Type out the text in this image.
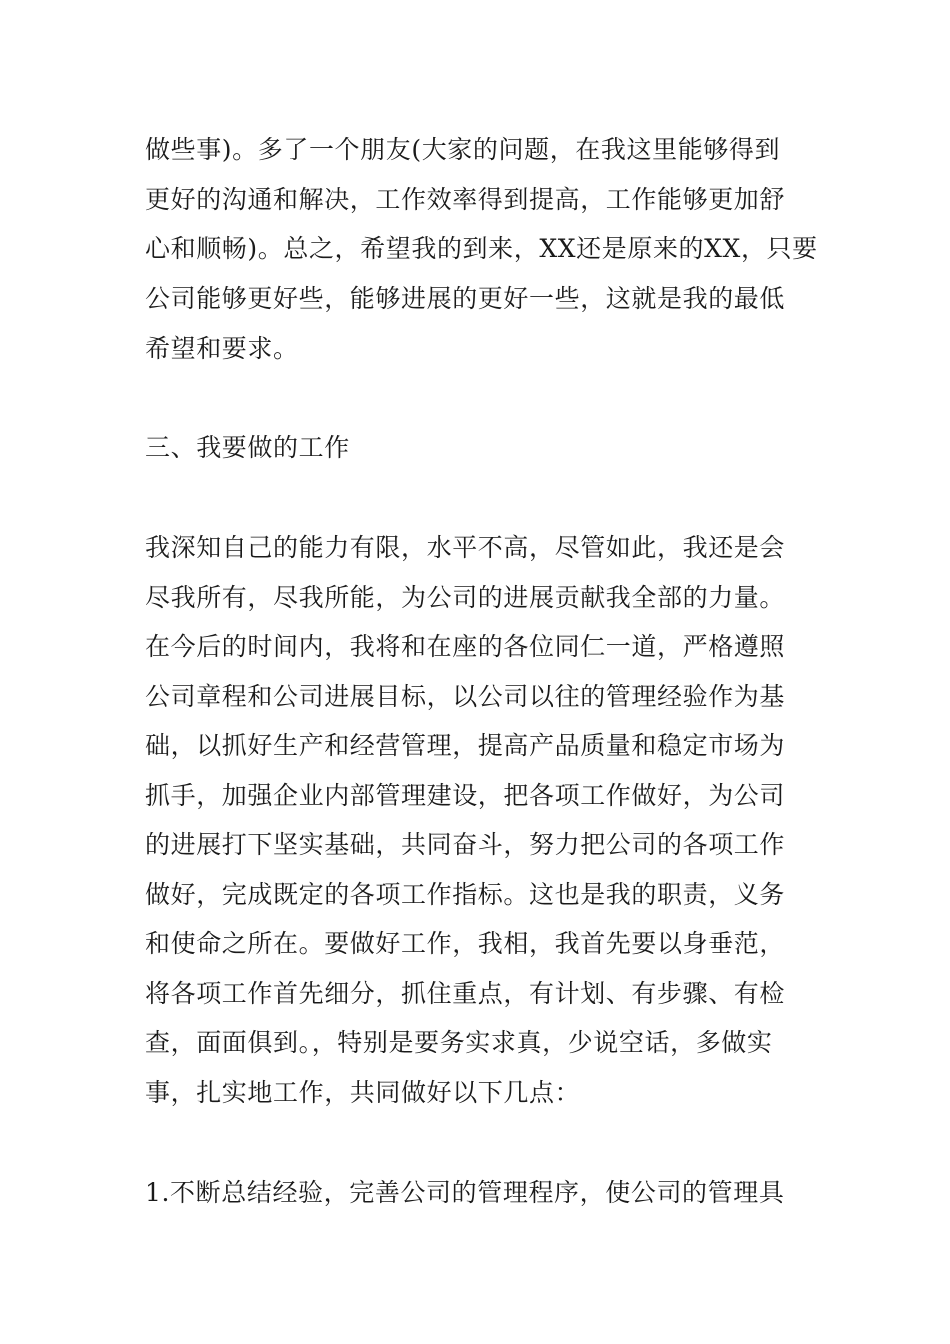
做些事)。多了一个朋友(大家的问题，在我这里能够得到
更好的沟通和解决，工作效率得到提高，工作能够更加舒
心和顺畅)。总之，希望我的到来，XX还是原来的XX，只要
公司能够更好些，能够进展的更好一些，这就是我的最低
希望和要求。
三、我要做的工作
我深知自己的能力有限，水平不高，尽管如此，我还是会
尽我所有，尽我所能，为公司的进展贡献我全部的力量。
在今后的时间内，我将和在座的各位同仁一道，严格遵照
公司章程和公司进展目标，以公司以往的管理经验作为基
础，以抓好生产和经营管理，提高产品质量和稳定市场为
抓手，加强企业内部管理建设，把各项工作做好，为公司
的进展打下坚实基础，共同奋斗，努力把公司的各项工作
做好，完成既定的各项工作指标。这也是我的职责，义务
和使命之所在。要做好工作，我相，我首先要以身垂范，
将各项工作首先细分，抓住重点，有计划、有步骤、有检
查，面面俱到。，特别是要务实求真，少说空话，多做实
事，扎实地工作，共同做好以下几点：
1.不断总结经验，完善公司的管理程序，使公司的管理具
